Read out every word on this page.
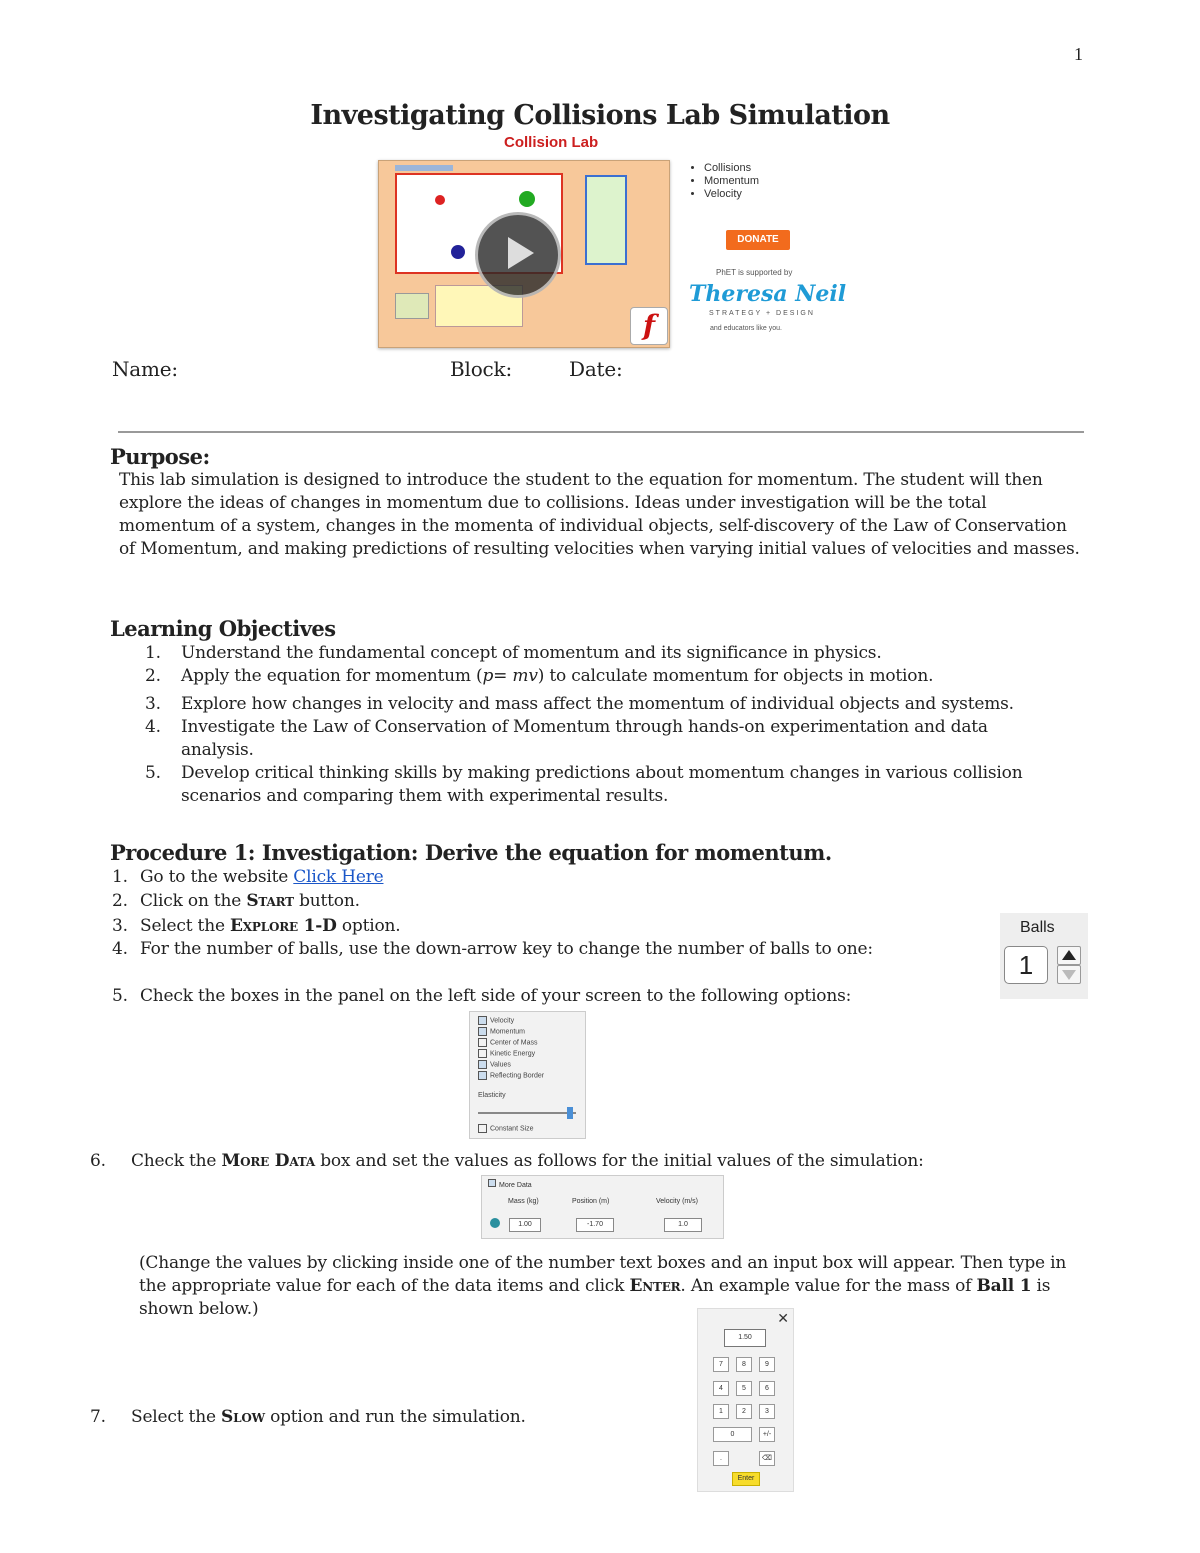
1
Investigating Collisions Lab Simulation
Collision Lab
f
• Collisions
• Momentum
• Velocity
DONATE
PhET is supported by
Theresa Neil
STRATEGY + DESIGN
and educators like you.
Name:	Block:	Date:
Purpose:
This lab simulation is designed to introduce the student to the equation for momentum. The student will then explore the ideas of changes in momentum due to collisions. Ideas under investigation will be the total momentum of a system, changes in the momenta of individual objects, self-discovery of the Law of Conservation of Momentum, and making predictions of resulting velocities when varying initial values of velocities and masses.
Learning Objectives
1. Understand the fundamental concept of momentum and its significance in physics.
2. Apply the equation for momentum (p= mv) to calculate momentum for objects in motion.
3. Explore how changes in velocity and mass affect the momentum of individual objects and systems.
4. Investigate the Law of Conservation of Momentum through hands-on experimentation and data analysis.
5. Develop critical thinking skills by making predictions about momentum changes in various collision scenarios and comparing them with experimental results.
Procedure 1: Investigation: Derive the equation for momentum.
1. Go to the website Click Here
2. Click on the Start button.
3. Select the Explore 1-D option.
4. For the number of balls, use the down-arrow key to change the number of balls to one:
Balls
1
5. Check the boxes in the panel on the left side of your screen to the following options:
Velocity
Momentum
Center of Mass
Kinetic Energy
Values
Reflecting Border
Elasticity
Constant Size
6. Check the More Data box and set the values as follows for the initial values of the simulation:
More Data
Mass (kg)	Position (m)	Velocity (m/s)
1.00	-1.70	1.0
(Change the values by clicking inside one of the number text boxes and an input box will appear. Then type in the appropriate value for each of the data items and click Enter. An example value for the mass of Ball 1 is shown below.)	✕
1.50
7	8	9
4	5	6
1	2	3
0	+/-
.	⌫
Enter
7. Select the Slow option and run the simulation.
